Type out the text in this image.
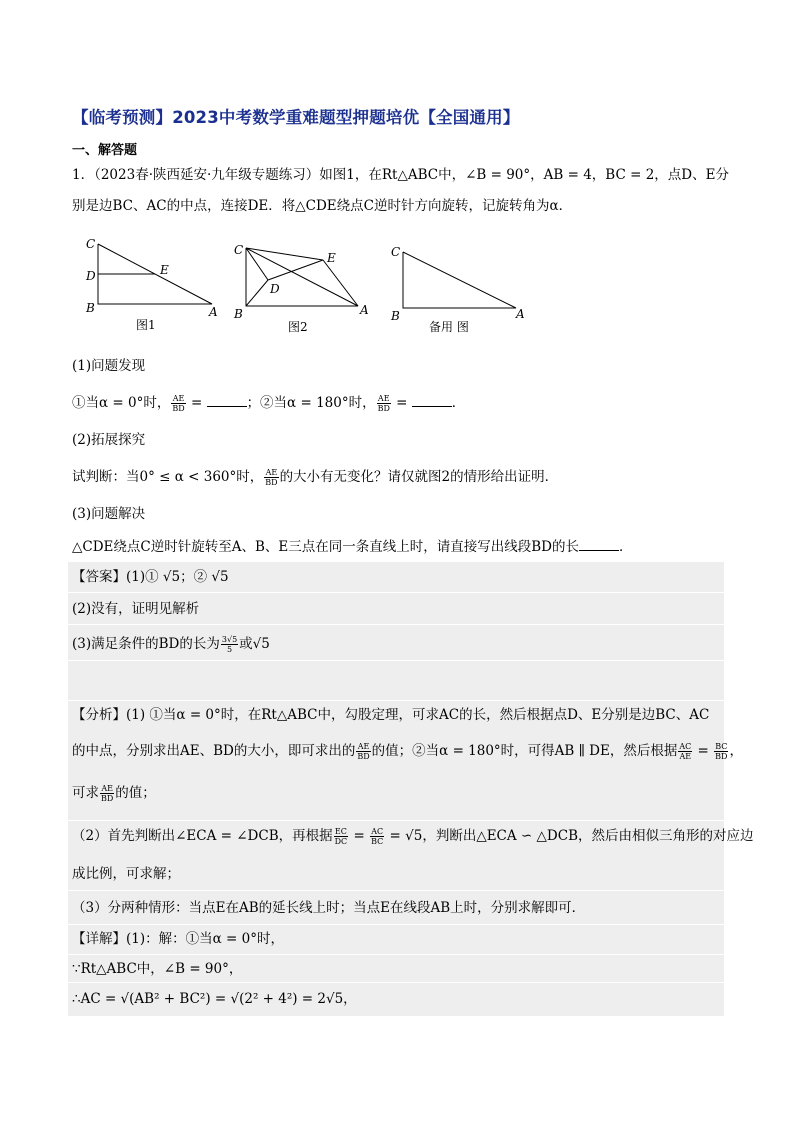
【临考预测】2023中考数学重难题型押题培优【全国通用】
一、解答题
1．（2023春·陕西延安·九年级专题练习）如图1，在Rt△ABC中，∠B = 90°，AB = 4，BC = 2，点D、E分
别是边BC、AC的中点，连接DE．将△CDE绕点C逆时针方向旋转，记旋转角为α．
C
D	E
B	A
图1
C
E
D
B	A
图2
C
B	A
备用 图
(1)问题发现
①当α = 0°时， $\frac{AE}{BD}$ =	；②当α = 180°时， $\frac{AE}{BD}$ =	．
(2)拓展探究
试判断：当0° ≤ α < 360°时， $\frac{AE}{BD}$ 的大小有无变化？请仅就图2的情形给出证明．
(3)问题解决
△CDE绕点C逆时针旋转至A、B、E三点在同一条直线上时，请直接写出线段BD的长	．
【答案】(1)① √5；② √5
(2)没有，证明见解析
(3)满足条件的BD的长为 $\frac{3√5}{5}$ 或√5
【分析】(1) ①当α = 0°时，在Rt△ABC中，勾股定理，可求AC的长，然后根据点D、E分别是边BC、AC
的中点，分别求出AE、BD的大小，即可求出的 $\frac{AE}{BD}$ 的值；②当α = 180°时，可得AB ∥ DE，然后根据 $\frac{AC}{AE} = \frac{BC}{BD}$ ，
可求 $\frac{AE}{BD}$ 的值；
（2）首先判断出∠ECA = ∠DCB，再根据 $\frac{EC}{DC} = \frac{AC}{BC} = √5$，判断出△ECA ∽ △DCB，然后由相似三角形的对应边
成比例，可求解；
（3）分两种情形：当点E在AB的延长线上时；当点E在线段AB上时，分别求解即可．
【详解】(1)：解：①当α = 0°时，
∵Rt△ABC中，∠B = 90°，
∴AC = √(AB² + BC²) = √(2² + 4²) = 2√5，
